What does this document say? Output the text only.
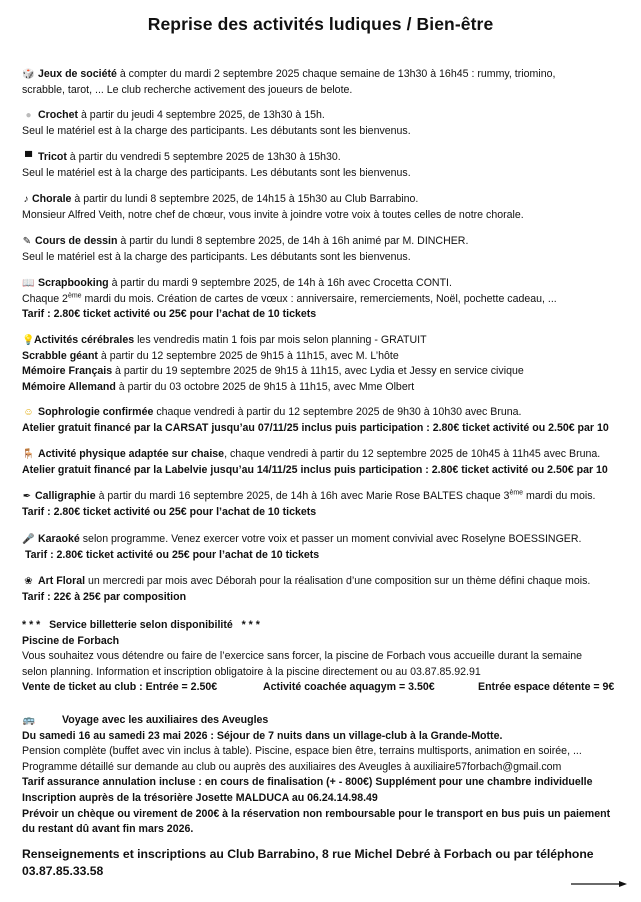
Reprise des activités ludiques / Bien-être
🎲 Jeux de société à compter du mardi 2 septembre 2025 chaque semaine de 13h30 à 16h45 : rummy, triomino,
scrabble, tarot, ... Le club recherche activement des joueurs de belote.
● Crochet à partir du jeudi 4 septembre 2025, de 13h30 à 15h.
Seul le matériel est à la charge des participants. Les débutants sont les bienvenus.
▀ Tricot à partir du vendredi 5 septembre 2025 de 13h30 à 15h30.
Seul le matériel est à la charge des participants. Les débutants sont les bienvenus.
♪ Chorale à partir du lundi 8 septembre 2025, de 14h15 à 15h30 au Club Barrabino.
Monsieur Alfred Veith, notre chef de chœur, vous invite à joindre votre voix à toutes celles de notre chorale.
✎ Cours de dessin à partir du lundi 8 septembre 2025, de 14h à 16h animé par M. DINCHER.
Seul le matériel est à la charge des participants. Les débutants sont les bienvenus.
📖 Scrapbooking à partir du mardi 9 septembre 2025, de 14h à 16h avec Crocetta CONTI.
Chaque 2ème mardi du mois. Création de cartes de vœux : anniversaire, remerciements, Noël, pochette cadeau, ...
Tarif : 2.80€ ticket activité ou 25€ pour l’achat de 10 tickets
💡Activités cérébrales les vendredis matin 1 fois par mois selon planning - GRATUIT
Scrabble géant à partir du 12 septembre 2025 de 9h15 à 11h15, avec M. L’hôte
Mémoire Français à partir du 19 septembre 2025 de 9h15 à 11h15, avec Lydia et Jessy en service civique
Mémoire Allemand à partir du 03 octobre 2025 de 9h15 à 11h15, avec Mme Olbert
☺ Sophrologie confirmée chaque vendredi à partir du 12 septembre 2025 de 9h30 à 10h30 avec Bruna.
Atelier gratuit financé par la CARSAT jusqu’au 07/11/25 inclus puis participation : 2.80€ ticket activité ou 2.50€ par 10
🪑 Activité physique adaptée sur chaise, chaque vendredi à partir du 12 septembre 2025 de 10h45 à 11h45 avec Bruna.
Atelier gratuit financé par la Labelvie jusqu’au 14/11/25 inclus puis participation : 2.80€ ticket activité ou 2.50€ par 10
✒ Calligraphie à partir du mardi 16 septembre 2025, de 14h à 16h avec Marie Rose BALTES chaque 3ème mardi du mois.
Tarif : 2.80€ ticket activité ou 25€ pour l’achat de 10 tickets
🎤 Karaoké selon programme. Venez exercer votre voix et passer un moment convivial avec Roselyne BOESSINGER.
Tarif : 2.80€ ticket activité ou 25€ pour l’achat de 10 tickets
❀ Art Floral un mercredi par mois avec Déborah pour la réalisation d’une composition sur un thème défini chaque mois.
Tarif : 22€ à 25€ par composition
* * *   Service billetterie selon disponibilité   * * *
Piscine de Forbach
Vous souhaitez vous détendre ou faire de l’exercice sans forcer, la piscine de Forbach vous accueille durant la semaine
selon planning. Information et inscription obligatoire à la piscine directement ou au 03.87.85.92.91
Vente de ticket au club : Entrée = 2.50€	Activité coachée aquagym = 3.50€	Entrée espace détente = 9€
🚌	Voyage avec les auxiliaires des Aveugles
Du samedi 16 au samedi 23 mai 2026 : Séjour de 7 nuits dans un village-club à la Grande-Motte.
Pension complète (buffet avec vin inclus à table). Piscine, espace bien être, terrains multisports, animation en soirée, ...
Programme détaillé sur demande au club ou auprès des auxiliaires des Aveugles à auxiliaire57forbach@gmail.com
Tarif assurance annulation incluse : en cours de finalisation (+ - 800€) Supplément pour une chambre individuelle
Inscription auprès de la trésorière Josette MALDUCA au 06.24.14.98.49
Prévoir un chèque ou virement de 200€ à la réservation non remboursable pour le transport en bus puis un paiement
du restant dû avant fin mars 2026.
Renseignements et inscriptions au Club Barrabino, 8 rue Michel Debré à Forbach ou par téléphone
03.87.85.33.58
